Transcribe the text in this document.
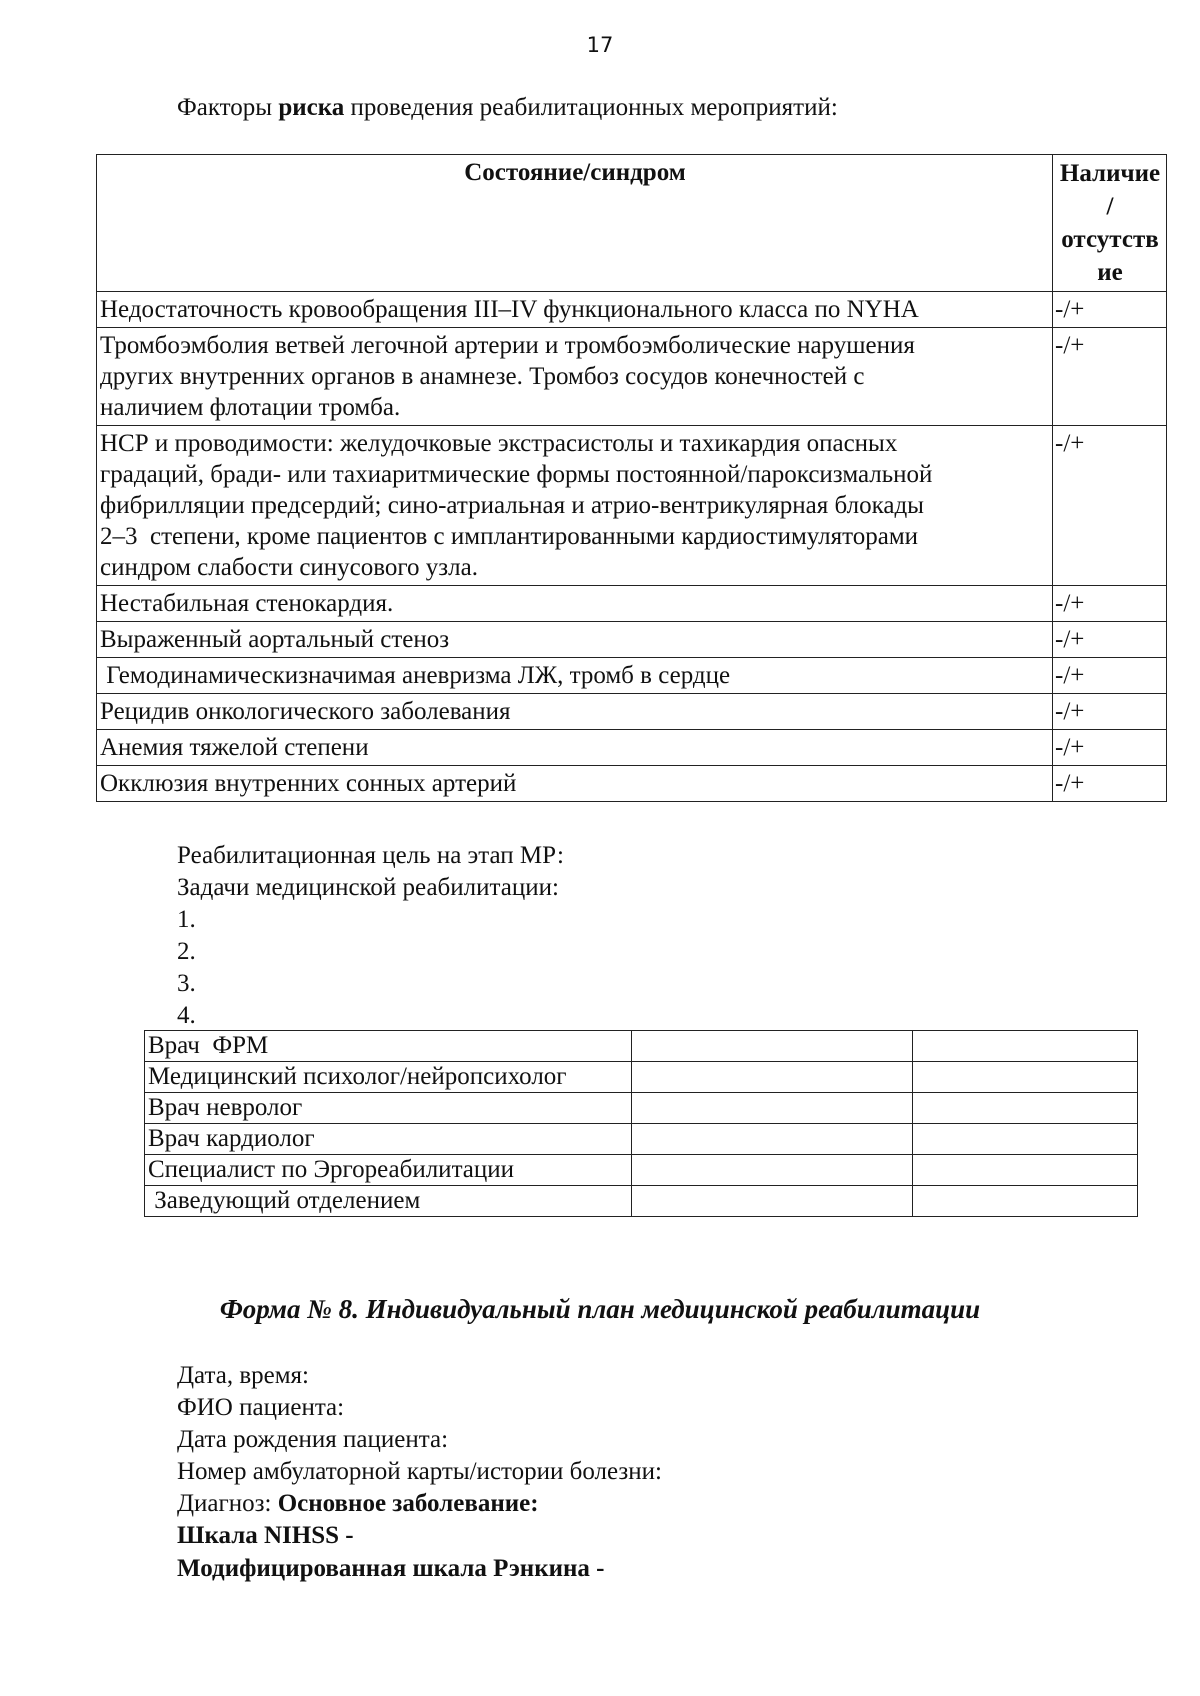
17
Факторы риска проведения реабилитационных мероприятий:
Состояние/синдром	Наличие
/
отсутств
ие

Недостаточность кровообращения III–IV функционального класса по NYHA	-/+

Тромбоэмболия ветвей легочной артерии и тромбоэмболические нарушения
других внутренних органов в анамнезе. Тромбоз сосудов конечностей с
наличием флотации тромба.	-/+

НСР и проводимости: желудочковые экстрасистолы и тахикардия опасных
градаций, бради- или тахиаритмические формы постоянной/пароксизмальной
фибрилляции предсердий; сино-атриальная и атрио-вентрикулярная блокады
2–3  степени, кроме пациентов с имплантированными кардиостимуляторами
синдром слабости синусового узла.	-/+

Нестабильная стенокардия.	-/+

Выраженный аортальный стеноз	-/+

Гемодинамическизначимая аневризма ЛЖ, тромб в сердце	-/+

Рецидив онкологического заболевания	-/+

Анемия тяжелой степени	-/+

Окклюзия внутренних сонных артерий	-/+
Реабилитационная цель на этап МР:
Задачи медицинской реабилитации:
1.
2.
3.
4.
Врач  ФРМ		
Медицинский психолог/нейропсихолог		
Врач невролог		
Врач кардиолог		
Специалист по Эргореабилитации		
Заведующий отделением		
Форма № 8. Индивидуальный план медицинской реабилитации
Дата, время:
ФИО пациента:
Дата рождения пациента:
Номер амбулаторной карты/истории болезни:
Диагноз: Основное заболевание:
Шкала NIHSS -
Модифицированная шкала Рэнкина -
